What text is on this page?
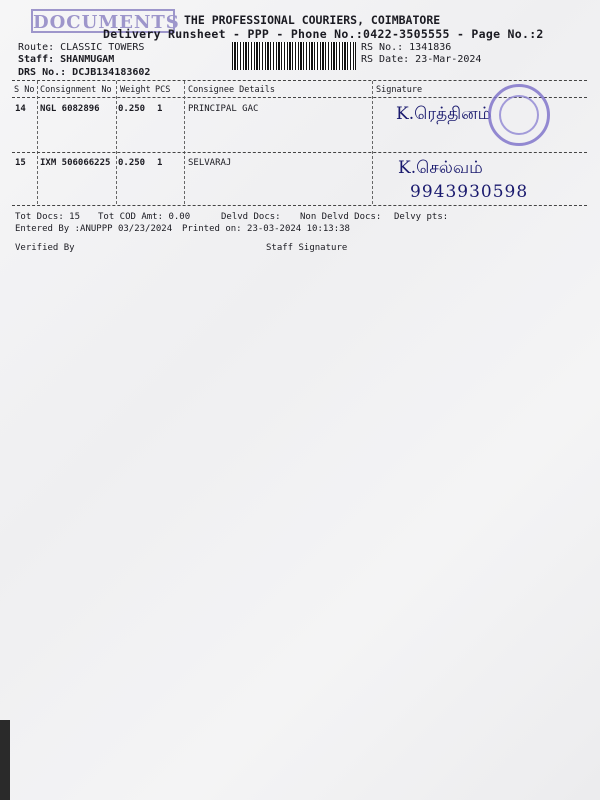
DOCUMENTS THE PROFESSIONAL COURIERS, COIMBATORE
Delivery Runsheet - PPP - Phone No.:0422-3505555 - Page No.:2
Route: CLASSIC TOWERS
Staff: SHANMUGAM
DRS No.: DCJB134183602
RS No.: 1341836
RS Date: 23-Mar-2024
S No Consignment No Weight PCS Consignee Details	Signature
14 NGL 6082896 0.250 1	PRINCIPAL GAC	K.ரெத்தினம்
15 IXM 506066225 0.250 1	SELVARAJ	K.செல்வம்
9943930598
Tot Docs: 15 Tot COD Amt: 0.00	Delvd Docs: Non Delvd Docs: Delvy pts:
Entered By :ANUPPP 03/23/2024 Printed on: 23-03-2024 10:13:38
Verified By	Staff Signature
